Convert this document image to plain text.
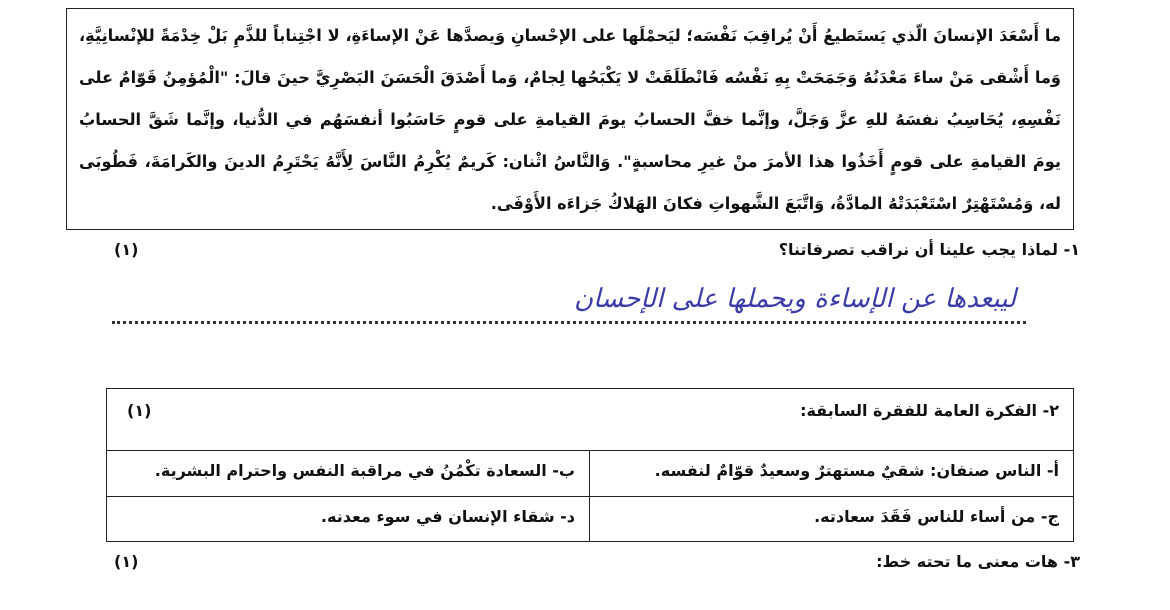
ما أَسْعَدَ الإنسانَ الّذي يَستَطيعُ أَنْ يُراقِبَ نَفْسَه؛ ليَحمْلَها على الإحْسانِ وَيصدَّها عَنْ الإساءَةِ، لا اجْتِناباً للذَّمِ بَلْ خِدْمَةً للإنْسانِيَّةِ، وَما أَشْقى مَنْ ساءَ مَعْدَنُهُ وَجَمَحَتْ بِهِ نَفْسُه فَانْطَلَقَتْ لا يَكْبَحُها لِجامٌ، وَما أَصْدَقَ الْحَسَنَ البَصْرِيَّ حينَ قالَ: "الْمُؤمِنُ قَوّامٌ على نَفْسِهِ، يُحَاسِبُ نفسَهُ للهِ عزَّ وَجَلَّ، وإنَّما خفَّ الحسابُ يومَ القيامةِ على قومٍ حَاسَبُوا أنفسَهُم في الدُّنيا، وإنَّما شَقَّ الحسابُ يومَ القيامةِ على قومٍ أَخَذُوا هذا الأمرَ منْ غيرِ محاسبةٍ". وَالنَّاسُ اثْنان: كَريمٌ يُكْرِمُ النَّاسَ لِأَنَّهُ يَحْتَرِمُ الدينَ والكَرامَةَ، فَطُوبَى له، وَمُسْتَهْتِرٌ اسْتَعْبَدَتْهُ المادَّةُ، وَاتَّبَعَ الشَّهواتِ فكانَ الهَلاكُ جَزاءَه الأَوْفَى.

١- لماذا يجب علينا أن نراقب تصرفاتنا؟
(١)
ليبعدها عن الإساءة ويحملها على الإحسان
٢- الفكرة العامة للفقرة السابقة:
(١)
أ- الناس صنفان: شقيٌ مستهترٌ وسعيدٌ قوّامٌ لنفسه.
ب- السعادة تكْمُنُ في مراقبة النفس واحترام البشرية.
ج- من أساء للناس فَقَدَ سعادته.
د- شقاء الإنسان في سوء معدنه.
٣- هات معنى ما تحته خط:
(١)
